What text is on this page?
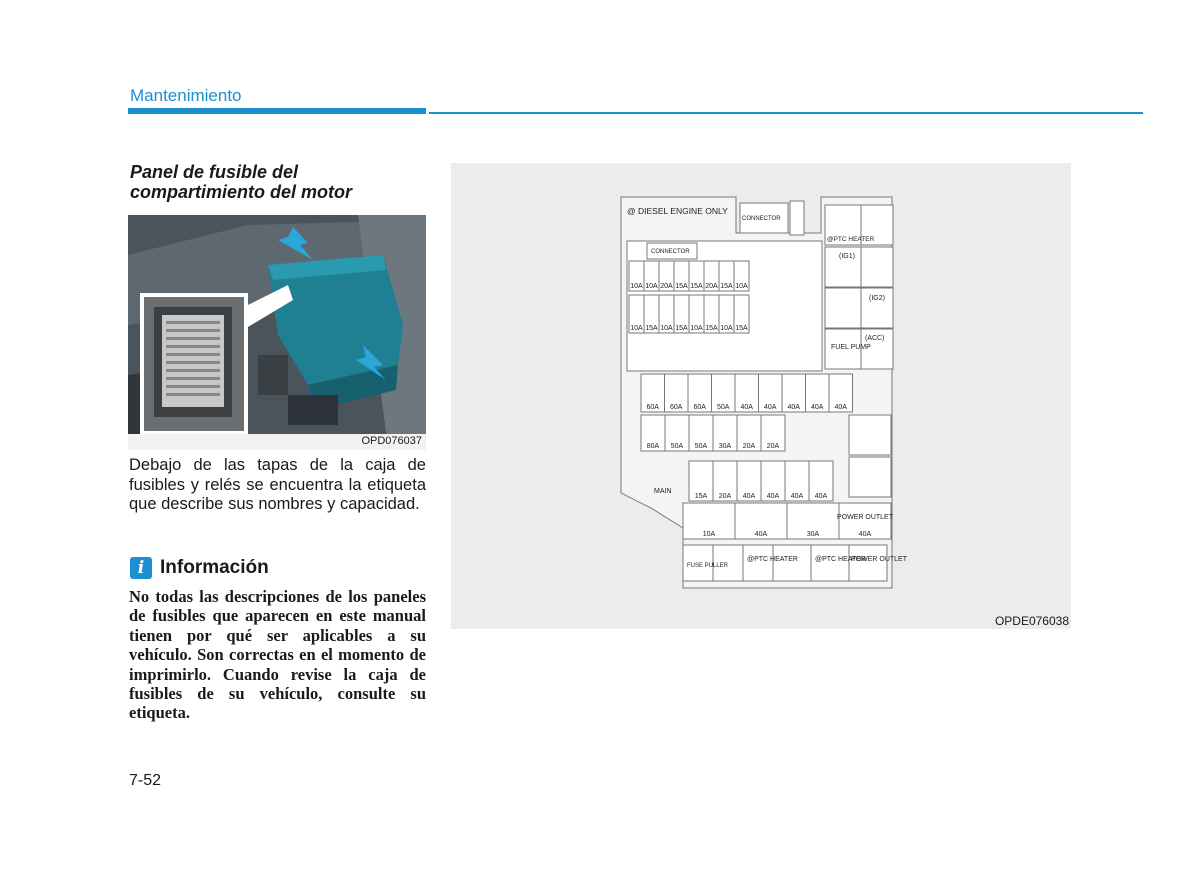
Mantenimiento
Panel de fusible del
compartimiento del motor
OPD076037
Debajo de las tapas de la caja de fusibles y relés se encuentra la etiqueta que describe sus nombres y capacidad.
i Información
No todas las descripciones de los paneles de fusibles que aparecen en este manual tienen por qué ser aplicables a su vehículo. Son correctas en el momento de imprimirlo. Cuando revise la caja de fusibles de su vehículo, consulte su etiqueta.
7-52
@ DIESEL ENGINE ONLY
CONNECTOR
@PTC HEATER
(IG1)
(IG2)
FUEL PUMP
(ACC)
CONNECTOR
10A 10A 20A 15A 15A 20A 15A 10A
10A 15A 10A 15A 10A 15A 10A 15A
60A 60A 60A 50A 40A 40A 40A 40A 40A
80A 50A 50A 30A 20A 20A
15A 20A 40A 40A 40A 40A
10A	40A	30A	40A
FUSE PULLER
@PTC HEATER @PTC HEATER
POWER OUTLET
POWER OUTLET
MAIN
OPDE076038
